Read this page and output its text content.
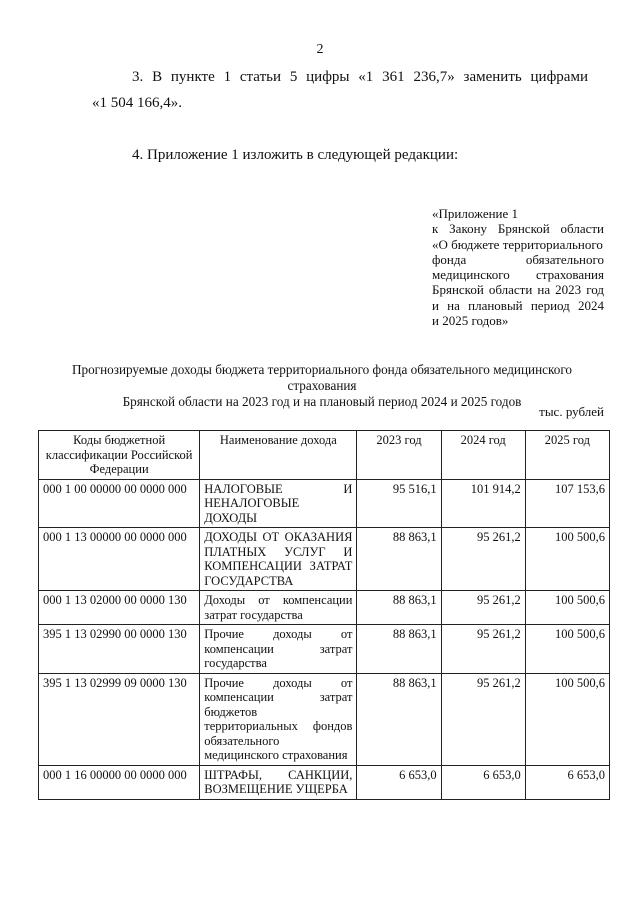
2
3. В пункте 1 статьи 5 цифры «1 361 236,7» заменить цифрами
«1 504 166,4».
4. Приложение 1 изложить в следующей редакции:
«Приложение 1
к Закону Брянской области
«О бюджете территориального
фонда обязательного
медицинского страхования
Брянской области на 2023 год
и на плановый период 2024
и 2025 годов»
Прогнозируемые доходы бюджета территориального фонда обязательного медицинского страхования
Брянской области на 2023 год и на плановый период 2024 и 2025 годов
тыс. рублей
Коды бюджетной классификации Российской Федерации	Наименование дохода	2023 год	2024 год	2025 год
000 1 00 00000 00 0000 000	НАЛОГОВЫЕ И НЕНАЛОГОВЫЕ ДОХОДЫ	95 516,1	101 914,2	107 153,6
000 1 13 00000 00 0000 000	ДОХОДЫ ОТ ОКАЗАНИЯ ПЛАТНЫХ УСЛУГ И КОМПЕНСАЦИИ ЗАТРАТ ГОСУДАРСТВА	88 863,1	95 261,2	100 500,6
000 1 13 02000 00 0000 130	Доходы от компенсации затрат государства	88 863,1	95 261,2	100 500,6
395 1 13 02990 00 0000 130	Прочие доходы от компенсации затрат государства	88 863,1	95 261,2	100 500,6
395 1 13 02999 09 0000 130	Прочие доходы от компенсации затрат бюджетов территориальных фондов обязательного медицинского страхования	88 863,1	95 261,2	100 500,6
000 1 16 00000 00 0000 000	ШТРАФЫ, САНКЦИИ, ВОЗМЕЩЕНИЕ УЩЕРБА	6 653,0	6 653,0	6 653,0
